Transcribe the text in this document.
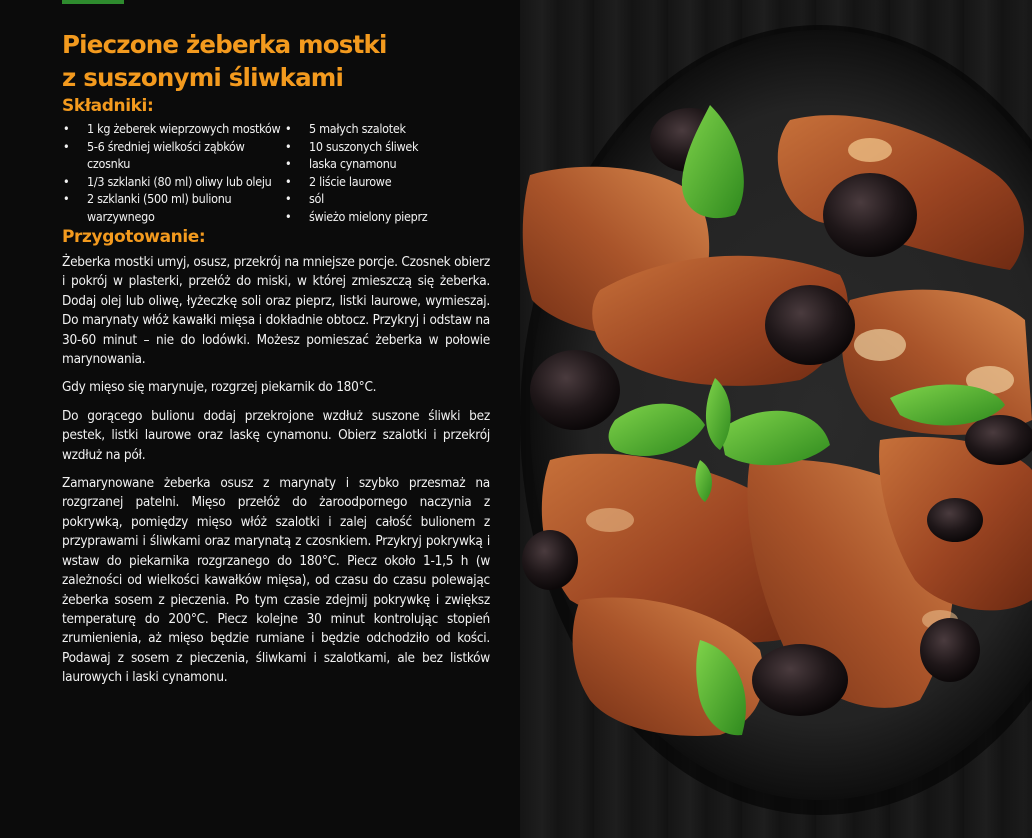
Pieczone żeberka mostki
z suszonymi śliwkami
Składniki:
• 1 kg żeberek wieprzowych mostków
• 5-6 średniej wielkości ząbków czosnku
• 1/3 szklanki (80 ml) oliwy lub oleju
• 2 szklanki (500 ml) bulionu warzywnego
• 5 małych szalotek
• 10 suszonych śliwek
• laska cynamonu
• 2 liście laurowe
• sól
• świeżo mielony pieprz
Przygotowanie:

Żeberka mostki umyj, osusz, przekrój na mniejsze porcje. Czosnek obierz i pokrój w plasterki, przełóż do miski, w której zmieszczą się żeberka. Dodaj olej lub oliwę, łyżeczkę soli oraz pieprz, listki laurowe, wymieszaj. Do marynaty włóż kawałki mięsa i dokładnie obtocz. Przykryj i odstaw na 30-60 minut – nie do lodówki. Możesz pomieszać żeberka w połowie marynowania.

Gdy mięso się marynuje, rozgrzej piekarnik do 180°C.

Do gorącego bulionu dodaj przekrojone wzdłuż suszone śliwki bez pestek, listki laurowe oraz laskę cynamonu. Obierz szalotki i przekrój wzdłuż na pół.

Zamarynowane żeberka osusz z marynaty i szybko przesmaż na rozgrzanej patelni. Mięso przełóż do żaroodpornego naczynia z pokrywką, pomiędzy mięso włóż szalotki i zalej całość bulionem z przyprawami i śliwkami oraz marynatą z czosnkiem. Przykryj pokrywką i wstaw do piekarnika rozgrzanego do 180°C. Piecz około 1-1,5 h (w zależności od wielkości kawałków mięsa), od czasu do czasu polewając żeberka sosem z pieczenia. Po tym czasie zdejmij pokrywkę i zwiększ temperaturę do 200°C. Piecz kolejne 30 minut kontrolując stopień zrumienienia, aż mięso będzie rumiane i będzie odchodziło od kości. Podawaj z sosem z pieczenia, śliwkami i szalotkami, ale bez listków laurowych i laski cynamonu.
